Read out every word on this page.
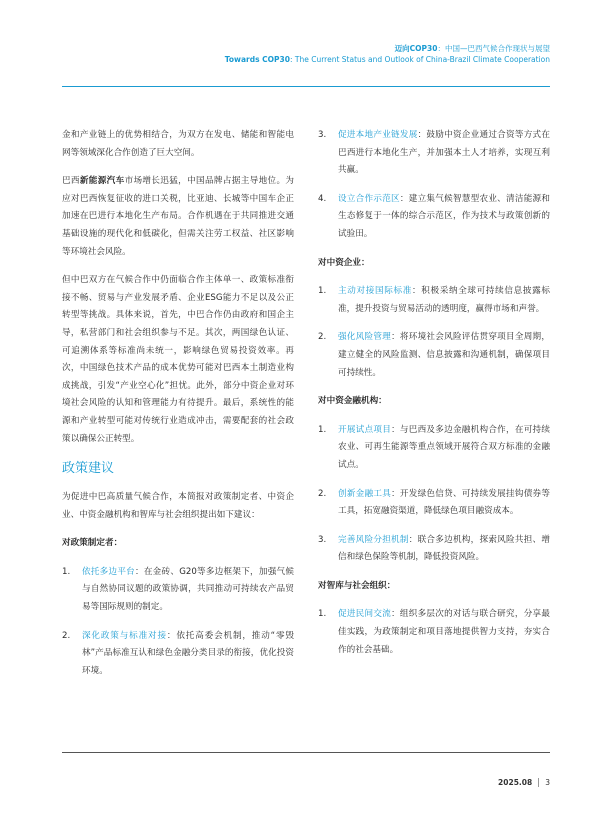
迈向COP30：中国—巴西气候合作现状与展望
Towards COP30: The Current Status and Outlook of China-Brazil Climate Cooperation

金和产业链上的优势相结合，为双方在发电、储能和智能电网等领域深化合作创造了巨大空间。

巴西新能源汽车市场增长迅猛，中国品牌占据主导地位。为应对巴西恢复征收的进口关税，比亚迪、长城等中国车企正加速在巴进行本地化生产布局。合作机遇在于共同推进交通基础设施的现代化和低碳化，但需关注劳工权益、社区影响等环境社会风险。

但中巴双方在气候合作中仍面临合作主体单一、政策标准衔接不畅、贸易与产业发展矛盾、企业ESG能力不足以及公正转型等挑战。具体来说，首先，中巴合作仍由政府和国企主导，私营部门和社会组织参与不足。其次，两国绿色认证、可追溯体系等标准尚未统一，影响绿色贸易投资效率。再次，中国绿色技术产品的成本优势可能对巴西本土制造业构成挑战，引发“产业空心化”担忧。此外，部分中资企业对环境社会风险的认知和管理能力有待提升。最后，系统性的能源和产业转型可能对传统行业造成冲击，需要配套的社会政策以确保公正转型。

政策建议

为促进中巴高质量气候合作，本简报对政策制定者、中资企业、中资金融机构和智库与社会组织提出如下建议：

对政策制定者：
1.	依托多边平台：在金砖、G20等多边框架下，加强气候与自然协同议题的政策协调，共同推动可持续农产品贸易等国际规则的制定。
2.	深化政策与标准对接：依托高委会机制，推动“零毁林”产品标准互认和绿色金融分类目录的衔接，优化投资环境。
3.	促进本地产业链发展：鼓励中资企业通过合资等方式在巴西进行本地化生产，并加强本土人才培养，实现互利共赢。
4.	设立合作示范区：建立集气候智慧型农业、清洁能源和生态修复于一体的综合示范区，作为技术与政策创新的试验田。
对中资企业：
1.	主动对接国际标准：积极采纳全球可持续信息披露标准，提升投资与贸易活动的透明度，赢得市场和声誉。
2.	强化风险管理：将环境社会风险评估贯穿项目全周期，建立健全的风险监测、信息披露和沟通机制，确保项目可持续性。
对中资金融机构：
1.	开展试点项目：与巴西及多边金融机构合作，在可持续农业、可再生能源等重点领域开展符合双方标准的金融试点。
2.	创新金融工具：开发绿色信贷、可持续发展挂钩债券等工具，拓宽融资渠道，降低绿色项目融资成本。
3.	完善风险分担机制：联合多边机构，探索风险共担、增信和绿色保险等机制，降低投资风险。
对智库与社会组织：
1.	促进民间交流：组织多层次的对话与联合研究，分享最佳实践，为政策制定和项目落地提供智力支持，夯实合作的社会基础。
2025.08 3
